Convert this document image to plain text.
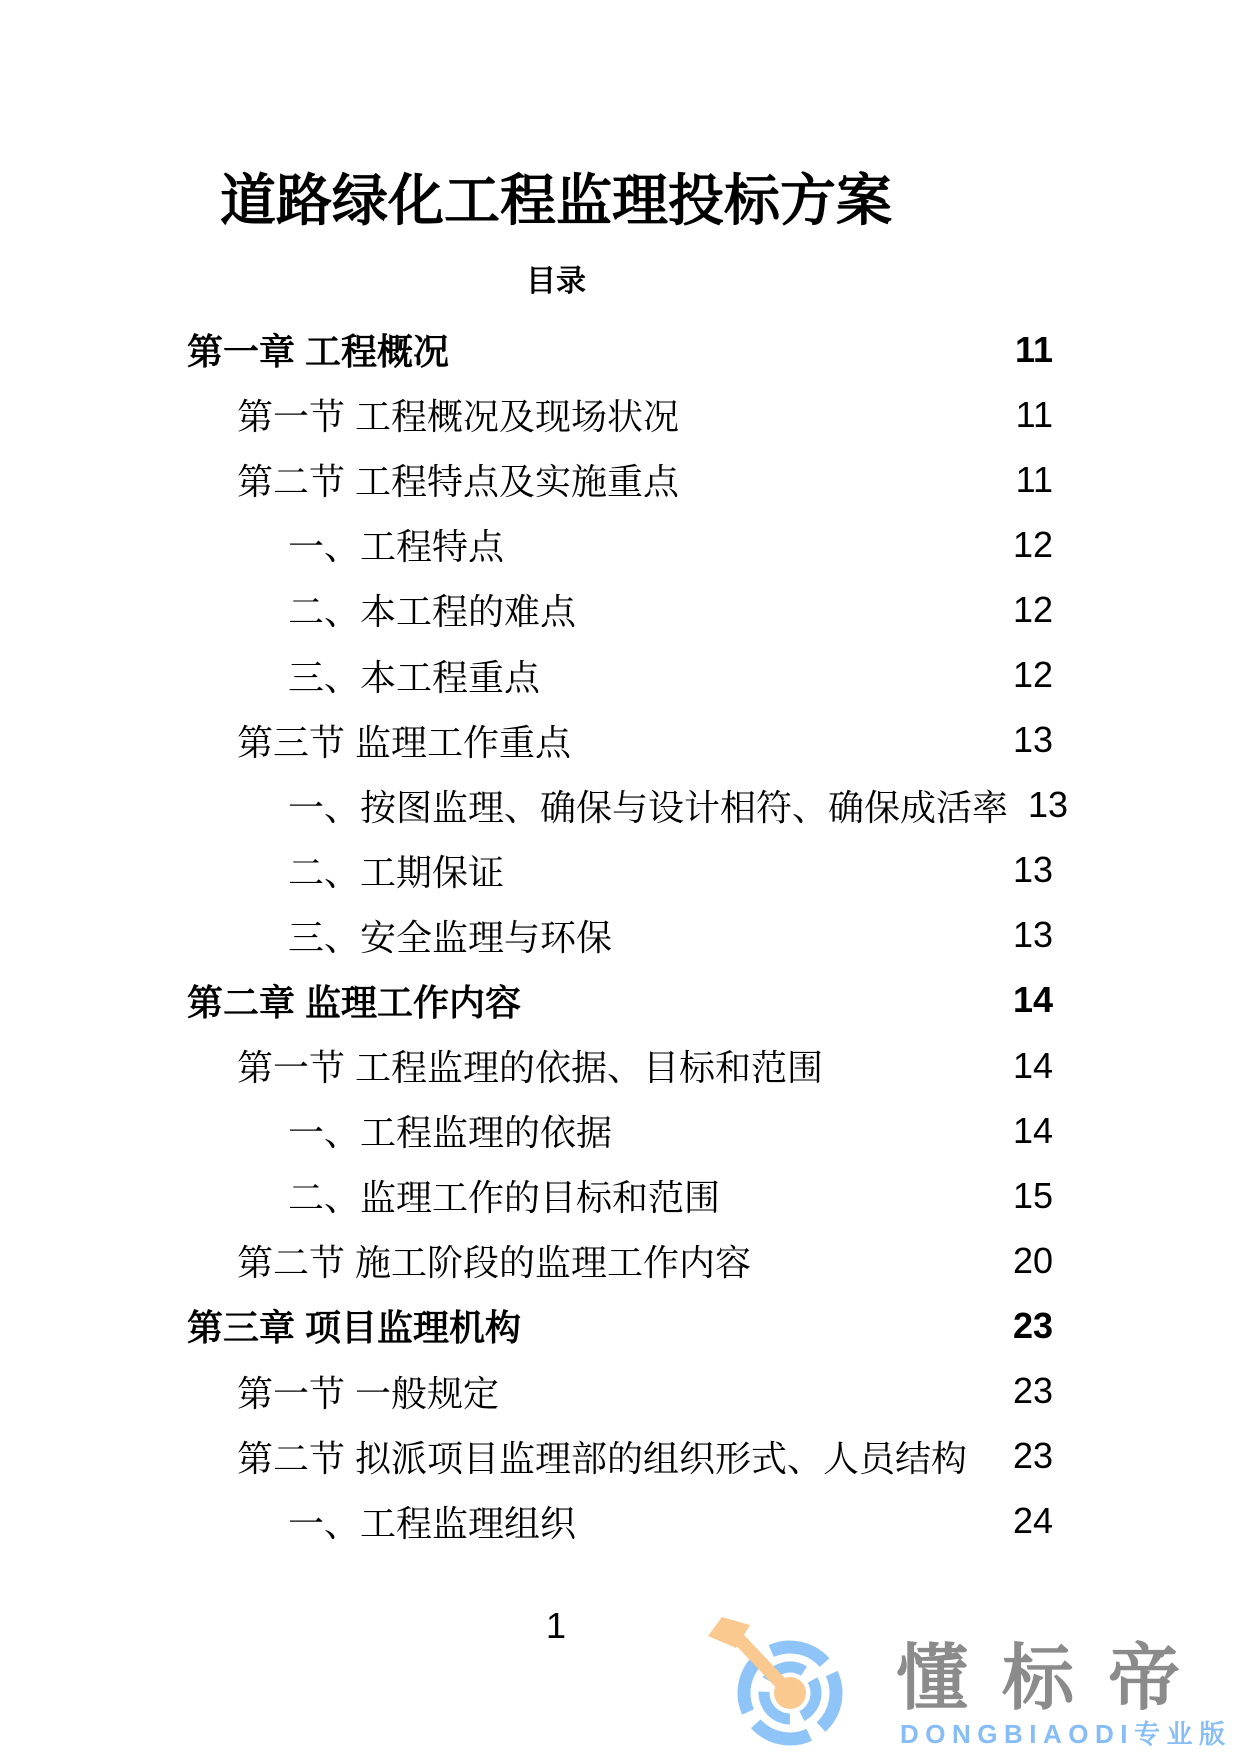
道路绿化工程监理投标方案
目录
第一章 工程概况	11
第一节 工程概况及现场状况	11
第二节 工程特点及实施重点	11
一、工程特点	12
二、本工程的难点	12
三、本工程重点	12
第三节 监理工作重点	13
一、按图监理、确保与设计相符、确保成活率 13
二、工期保证	13
三、安全监理与环保	13
第二章 监理工作内容	14
第一节 工程监理的依据、目标和范围	14
一、工程监理的依据	14
二、监理工作的目标和范围	15
第二节 施工阶段的监理工作内容	20
第三章 项目监理机构	23
第一节 一般规定	23
第二节 拟派项目监理部的组织形式、人员结构	23
一、工程监理组织	24
1
懂标帝
DONGBIAODI专业版
